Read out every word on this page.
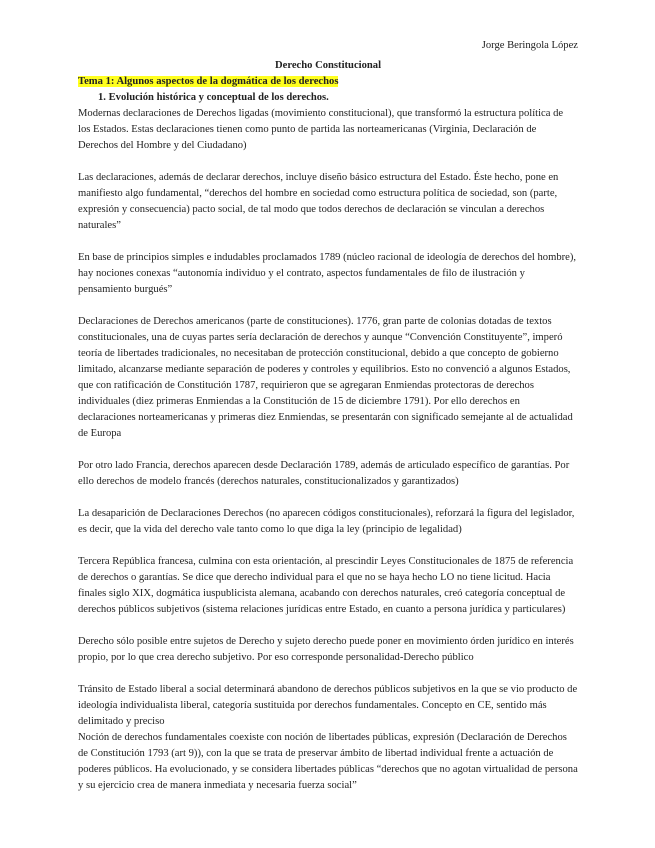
Jorge Beringola López

Derecho Constitucional

Tema 1: Algunos aspectos de la dogmática de los derechos

1. Evolución histórica y conceptual de los derechos.

Modernas declaraciones de Derechos ligadas (movimiento constitucional), que transformó la estructura política de los Estados. Estas declaraciones tienen como punto de partida las norteamericanas (Virginia, Declaración de Derechos del Hombre y del Ciudadano)

Las declaraciones, además de declarar derechos, incluye diseño básico estructura del Estado. Éste hecho, pone en manifiesto algo fundamental, “derechos del hombre en sociedad como estructura política de sociedad, son (parte, expresión y consecuencia) pacto social, de tal modo que todos derechos de declaración se vinculan a derechos naturales”

En base de principios simples e indudables proclamados 1789 (núcleo racional de ideología de derechos del hombre), hay nociones conexas “autonomía individuo y el contrato, aspectos fundamentales de filo de ilustración y pensamiento burgués”

Declaraciones de Derechos americanos (parte de constituciones). 1776, gran parte de colonias dotadas de textos constitucionales, una de cuyas partes sería declaración de derechos y aunque “Convención Constituyente”, imperó teoría de libertades tradicionales, no necesitaban de protección constitucional, debido a que concepto de gobierno limitado, alcanzarse mediante separación de poderes y controles y equilibrios. Esto no convenció a algunos Estados, que con ratificación de Constitución 1787, requirieron que se agregaran Enmiendas protectoras de derechos individuales (diez primeras Enmiendas a la Constitución de 15 de diciembre 1791). Por ello derechos en declaraciones norteamericanas y primeras diez Enmiendas, se presentarán con significado semejante al de actualidad de Europa

Por otro lado Francia, derechos aparecen desde Declaración 1789, además de articulado específico de garantías. Por ello derechos de modelo francés (derechos naturales, constitucionalizados y garantizados)

La desaparición de Declaraciones Derechos (no aparecen códigos constitucionales), reforzará la figura del legislador, es decir, que la vida del derecho vale tanto como lo que diga la ley (principio de legalidad)

Tercera República francesa, culmina con esta orientación, al prescindir Leyes Constitucionales de 1875 de referencia de derechos o garantías. Se dice que derecho individual para el que no se haya hecho LO no tiene licitud. Hacia finales siglo XIX, dogmática iuspublicista alemana, acabando con derechos naturales, creó categoría conceptual de derechos públicos subjetivos (sistema relaciones jurídicas entre Estado, en cuanto a persona jurídica y particulares)

Derecho sólo posible entre sujetos de Derecho y sujeto derecho puede poner en movimiento órden jurídico en interés propio, por lo que crea derecho subjetivo. Por eso corresponde personalidad-Derecho público

Tránsito de Estado liberal a social determinará abandono de derechos públicos subjetivos en la que se vio producto de ideología individualista liberal, categoría sustituida por derechos fundamentales. Concepto en CE, sentido más delimitado y preciso

Noción de derechos fundamentales coexiste con noción de libertades públicas, expresión (Declaración de Derechos de Constitución 1793 (art 9)), con la que se trata de preservar ámbito de libertad individual frente a actuación de poderes públicos. Ha evolucionado, y se considera libertades públicas “derechos que no agotan virtualidad de persona y su ejercicio crea de manera inmediata y necesaria fuerza social”
